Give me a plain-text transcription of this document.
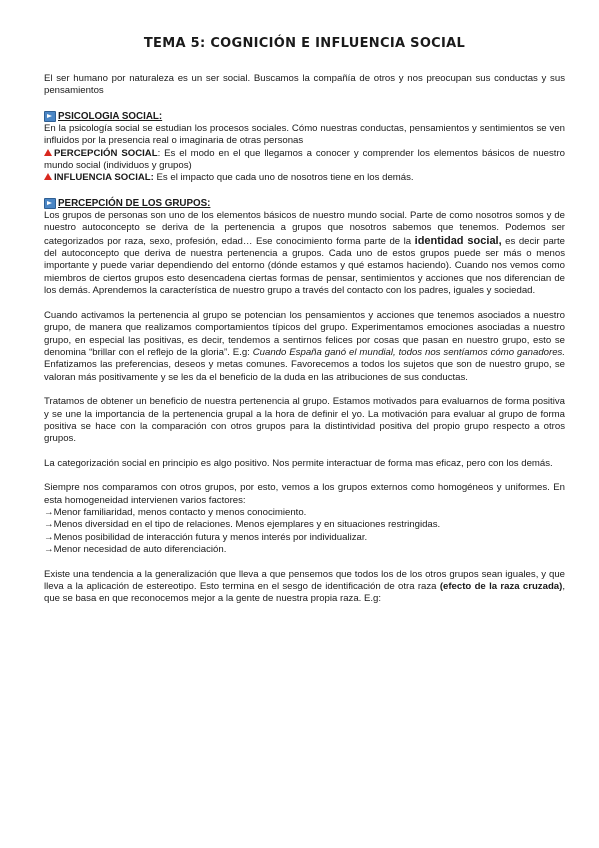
TEMA 5: COGNICIÓN E INFLUENCIA SOCIAL

El ser humano por naturaleza es un ser social. Buscamos la compañía de otros y nos preocupan sus conductas y sus pensamientos

PSICOLOGIA SOCIAL:

En la psicología social se estudian los procesos sociales. Cómo nuestras conductas, pensamientos y sentimientos se ven influidos por la presencia real o imaginaria de otras personas

PERCEPCIÓN SOCIAL: Es el modo en el que llegamos a conocer y comprender los elementos básicos de nuestro mundo social (individuos y grupos)

INFLUENCIA SOCIAL: Es el impacto que cada uno de nosotros tiene en los demás.

PERCEPCIÓN DE LOS GRUPOS:

Los grupos de personas son uno de los elementos básicos de nuestro mundo social. Parte de como nosotros somos y de nuestro autoconcepto se deriva de la pertenencia a grupos que nosotros sabemos que tenemos. Podemos ser categorizados por raza, sexo, profesión, edad… Ese conocimiento forma parte de la identidad social, es decir parte del autoconcepto que deriva de nuestra pertenencia a grupos. Cada uno de estos grupos puede ser más o menos importante y puede variar dependiendo del entorno (dónde estamos y qué estamos haciendo). Cuando nos vemos como miembros de ciertos grupos esto desencadena ciertas formas de pensar, sentimientos y acciones que nos diferencian de los demás. Aprendemos la característica de nuestro grupo a través del contacto con los padres, iguales y sociedad.

Cuando activamos la pertenencia al grupo se potencian los pensamientos y acciones que tenemos asociados a nuestro grupo, de manera que realizamos comportamientos típicos del grupo. Experimentamos emociones asociadas a nuestro grupo, en especial las positivas, es decir, tendemos a sentirnos felices por cosas que pasan en nuestro grupo, esto se denomina “brillar con el reflejo de la gloria”. E.g: Cuando España ganó el mundial, todos nos sentíamos cómo ganadores. Enfatizamos las preferencias, deseos y metas comunes. Favorecemos a todos los sujetos que son de nuestro grupo, se valoran más positivamente y se les da el beneficio de la duda en las atribuciones de sus conductas.

Tratamos de obtener un beneficio de nuestra pertenencia al grupo. Estamos motivados para evaluarnos de forma positiva y se une la importancia de la pertenencia grupal a la hora de definir el yo. La motivación para evaluar al grupo de forma positiva se hace con la comparación con otros grupos para la distintividad positiva del propio grupo respecto a otros grupos.

La categorización social en principio es algo positivo. Nos permite interactuar de forma mas eficaz, pero con los demás.

Siempre nos comparamos con otros grupos, por esto, vemos a los grupos externos como homogéneos y uniformes. En esta homogeneidad intervienen varios factores:

→Menor familiaridad, menos contacto y menos conocimiento.

→Menos diversidad en el tipo de relaciones. Menos ejemplares y en situaciones restringidas.

→Menos posibilidad de interacción futura y menos interés por individualizar.

→Menor necesidad de auto diferenciación.

Existe una tendencia a la generalización que lleva a que pensemos que todos los de los otros grupos sean iguales, y que lleva a la aplicación de estereotipo. Esto termina en el sesgo de identificación de otra raza (efecto de la raza cruzada), que se basa en que reconocemos mejor a la gente de nuestra propia raza. E.g:
